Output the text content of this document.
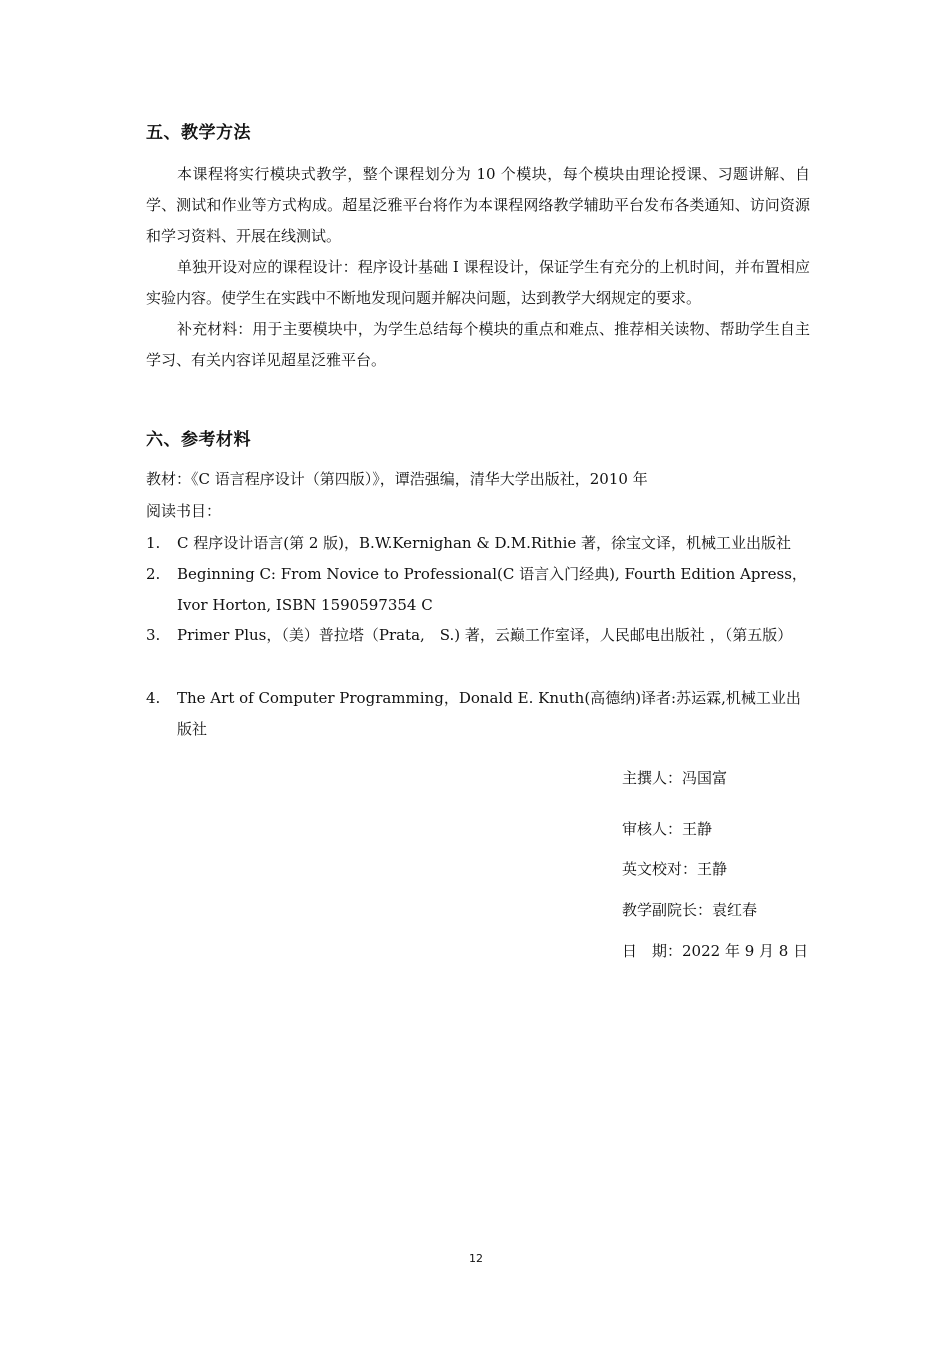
五、教学方法

本课程将实行模块式教学，整个课程划分为 10 个模块，每个模块由理论授课、习题讲解、自学、测试和作业等方式构成。超星泛雅平台将作为本课程网络教学辅助平台发布各类通知、访问资源和学习资料、开展在线测试。

单独开设对应的课程设计：程序设计基础 I 课程设计，保证学生有充分的上机时间，并布置相应实验内容。使学生在实践中不断地发现问题并解决问题，达到教学大纲规定的要求。

补充材料：用于主要模块中，为学生总结每个模块的重点和难点、推荐相关读物、帮助学生自主学习、有关内容详见超星泛雅平台。

六、参考材料

教材：《C 语言程序设计（第四版）》，谭浩强编，清华大学出版社，2010 年

阅读书目：

1.	C 程序设计语言(第 2 版)，B.W.Kernighan & D.M.Rithie 著，徐宝文译，机械工业出版社
2.	Beginning C: From Novice to Professional(C 语言入门经典), Fourth Edition Apress，Ivor Horton, ISBN 1590597354 C
3.	Primer Plus，（美）普拉塔（Prata,　S.) 著，云巅工作室译，人民邮电出版社 ，（第五版）
4.	The Art of Computer Programming，Donald E. Knuth(高德纳)译者:苏运霖,机械工业出版社

主撰人：冯国富

审核人：王静

英文校对：王静

教学副院长：袁红春

日　期：2022 年 9 月 8 日

12
